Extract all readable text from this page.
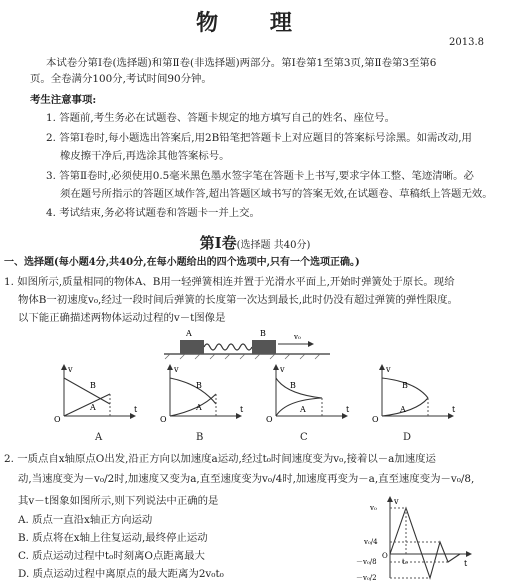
物 理
2013.8
本试卷分第Ⅰ卷(选择题)和第Ⅱ卷(非选择题)两部分。第Ⅰ卷第1至第3页,第Ⅱ卷第3至第6
页。全卷满分100分,考试时间90分钟。
考生注意事项:
1. 答题前,考生务必在试题卷、答题卡规定的地方填写自己的姓名、座位号。
2. 答第Ⅰ卷时,每小题选出答案后,用2B铅笔把答题卡上对应题目的答案标号涂黑。如需改动,用
橡皮擦干净后,再选涂其他答案标号。
3. 答第Ⅱ卷时,必须使用0.5毫米黑色墨水签字笔在答题卡上书写,要求字体工整、笔迹清晰。必
须在题号所指示的答题区域作答,超出答题区域书写的答案无效,在试题卷、草稿纸上答题无效。
4. 考试结束,务必将试题卷和答题卡一并上交。
第Ⅰ卷(选择题 共40分)
一、选择题(每小题4分,共40分,在每小题给出的四个选项中,只有一个选项正确。)
1. 如图所示,质量相同的物体A、B用一轻弹簧相连并置于光滑水平面上,开始时弹簧处于原长。现给
物体B一初速度v₀,经过一段时间后弹簧的长度第一次达到最长,此时仍没有超过弹簧的弹性限度。
以下能正确描述两物体运动过程的v－t图像是
A	B	v₀
O
v
t
B
A
O
v
t
B
A
O
v
t
B
A
O
v
t
B
A
A	B	C	D
2. 一质点自x轴原点O出发,沿正方向以加速度a运动,经过t₀时间速度变为v₀,接着以－a加速度运
动,当速度变为－v₀/2时,加速度又变为a,直至速度变为v₀/4时,加速度再变为－a,直至速度变为－v₀/8,
其v－t图象如图所示,则下列说法中正确的是
A. 质点一直沿x轴正方向运动
B. 质点将在x轴上往复运动,最终停止运动
C. 质点运动过程中t₀时刻离O点距离最大
D. 质点运动过程中离原点的最大距离为2v₀t₀
v
t
v₀
v₀/4
O
－v₀/8
－v₀/2
t₀
